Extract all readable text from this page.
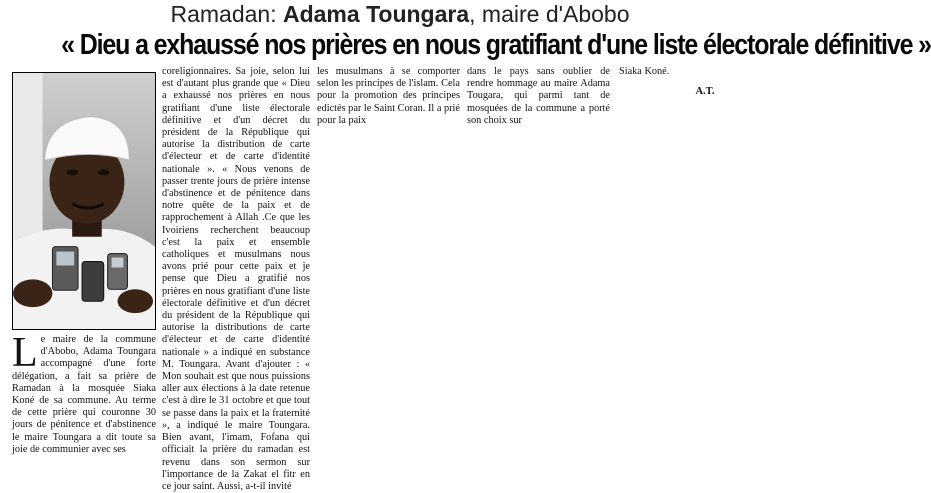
Ramadan: Adama Toungara, maire d'Abobo
« Dieu a exhaussé nos prières en nous gratifiant d'une liste électorale définitive »
L e maire de la commune d'Abobo, Adama Toungara accompagné d'une forte délégation, a fait sa prière de Ramadan à la mosquée Siaka Koné de sa commune. Au terme de cette prière qui couronne 30 jours de pénitence et d'abstinence le maire Toungara a dit toute sa joie de communier avec ses

coreligionnaires. Sa joie, selon lui est d'autant plus grande que « Dieu a exhaussé nos prières en nous gratifiant d'une liste électorale définitive et d'un décret du président de la République qui autorise la distribution de carte d'électeur et de carte d'identité nationale ». « Nous venons de passer trente jours de prière intense d'abstinence et de pénitence dans notre quête de la paix et de rapprochement à Allah .Ce que les Ivoiriens recherchent beaucoup c'est la paix et ensemble catholiques et musulmans nous avons prié pour cette paix et je pense que Dieu a gratifié nos prières en nous gratifiant d'une liste électorale définitive et d'un décret du président de la République qui autorise la distributions de carte d'électeur et de carte d'identité nationale » a indiqué en substance M. Toungara. Avant d'ajouter : « Mon souhait est que nous puissions aller aux élections à la date retenue c'est à dire le 31 octobre et que tout se passe dans la paix et la fraternité », a indiqué le maire Toungara. Bien avant, l'imam, Fofana qui officiait la prière du ramadan est revenu dans son sermon sur l'importance de la Zakat el fitr en ce jour saint. Aussi, a-t-il invité

les musulmans à se comporter selon les principes de l'islam. Cela pour la promotion des principes edictés par le Saint Coran. Il a prié pour la paix

dans le pays sans oublier de rendre hommage au maire Adama Tougara, qui parmi tant de mosquées de la commune a porté son choix sur

Siaka Koné.

A.T.
